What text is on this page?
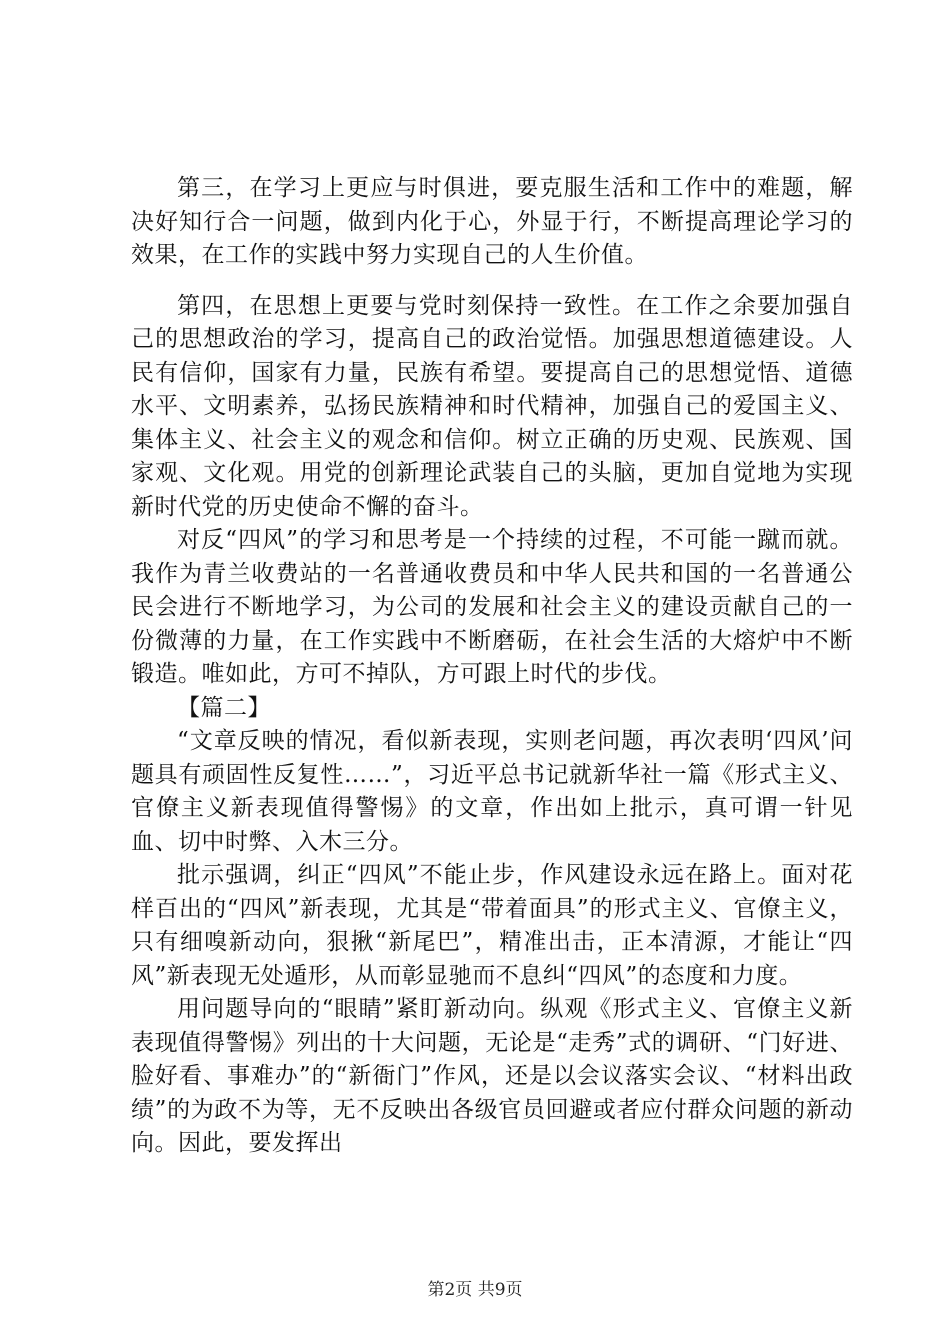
第三，在学习上更应与时俱进，要克服生活和工作中的难题，解决好知行合一问题，做到内化于心，外显于行，不断提高理论学习的效果，在工作的实践中努力实现自己的人生价值。

第四，在思想上更要与党时刻保持一致性。在工作之余要加强自己的思想政治的学习，提高自己的政治觉悟。加强思想道德建设。人民有信仰，国家有力量，民族有希望。要提高自己的思想觉悟、道德水平、文明素养，弘扬民族精神和时代精神，加强自己的爱国主义、集体主义、社会主义的观念和信仰。树立正确的历史观、民族观、国家观、文化观。用党的创新理论武装自己的头脑，更加自觉地为实现新时代党的历史使命不懈的奋斗。

对反“四风”的学习和思考是一个持续的过程，不可能一蹴而就。我作为青兰收费站的一名普通收费员和中华人民共和国的一名普通公民会进行不断地学习，为公司的发展和社会主义的建设贡献自己的一份微薄的力量，在工作实践中不断磨砺，在社会生活的大熔炉中不断锻造。唯如此，方可不掉队，方可跟上时代的步伐。

【篇二】

“文章反映的情况，看似新表现，实则老问题，再次表明‘四风’问题具有顽固性反复性……”，习近平总书记就新华社一篇《形式主义、官僚主义新表现值得警惕》的文章，作出如上批示，真可谓一针见血、切中时弊、入木三分。

批示强调，纠正“四风”不能止步，作风建设永远在路上。面对花样百出的“四风”新表现，尤其是“带着面具”的形式主义、官僚主义，只有细嗅新动向，狠揪“新尾巴”，精准出击，正本清源，才能让“四风”新表现无处遁形，从而彰显驰而不息纠“四风”的态度和力度。

用问题导向的“眼睛”紧盯新动向。纵观《形式主义、官僚主义新表现值得警惕》列出的十大问题，无论是“走秀”式的调研、“门好进、脸好看、事难办”的“新衙门”作风，还是以会议落实会议、“材料出政绩”的为政不为等，无不反映出各级官员回避或者应付群众问题的新动向。因此，要发挥出

第2页 共9页
